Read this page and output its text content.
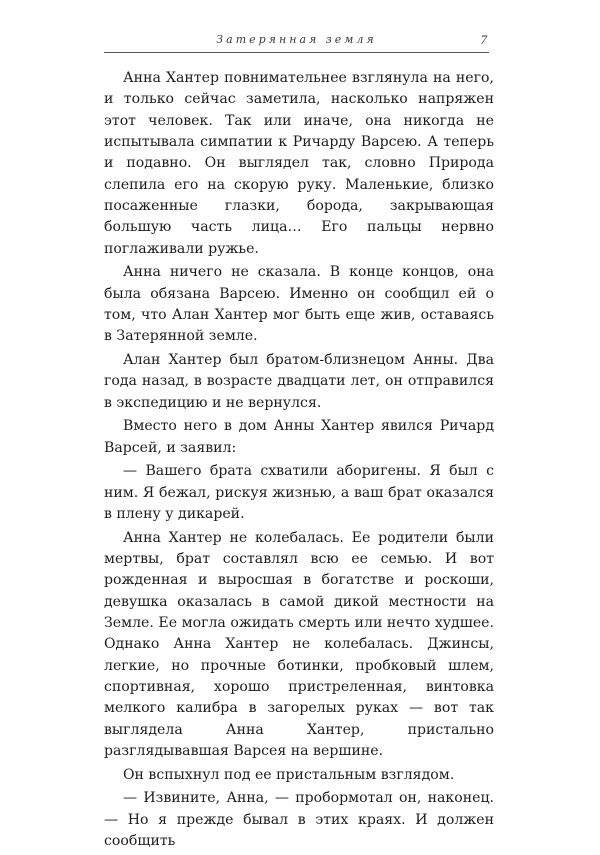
Затерянная земля	7

Анна Хантер повнимательнее взглянула на него, и только сейчас заметила, насколько напряжен этот человек. Так или иначе, она никогда не испытывала симпатии к Ричарду Варсею. А теперь и подавно. Он выглядел так, словно Природа слепила его на скорую руку. Маленькие, близко посаженные глазки, борода, закрывающая большую часть лица… Его пальцы нервно поглаживали ружье.

Анна ничего не сказала. В конце концов, она была обязана Варсею. Именно он сообщил ей о том, что Алан Хантер мог быть еще жив, оставаясь в Затерянной земле.

Алан Хантер был братом-близнецом Анны. Два года назад, в возрасте двадцати лет, он отправился в экспедицию и не вернулся.

Вместо него в дом Анны Хантер явился Ричард Варсей, и заявил:

— Вашего брата схватили аборигены. Я был с ним. Я бежал, рискуя жизнью, а ваш брат оказался в плену у дикарей.

Анна Хантер не колебалась. Ее родители были мертвы, брат составлял всю ее семью. И вот рожденная и выросшая в богатстве и роскоши, девушка оказалась в самой дикой местности на Земле. Ее могла ожидать смерть или нечто худшее. Однако Анна Хантер не колебалась. Джинсы, легкие, но прочные ботинки, пробковый шлем, спортивная, хорошо пристреленная, винтовка мелкого калибра в загорелых руках — вот так выглядела Анна Хантер, пристально разглядывавшая Варсея на вершине.

Он вспыхнул под ее пристальным взглядом.

— Извините, Анна, — пробормотал он, наконец. — Но я прежде бывал в этих краях. И должен сообщить
